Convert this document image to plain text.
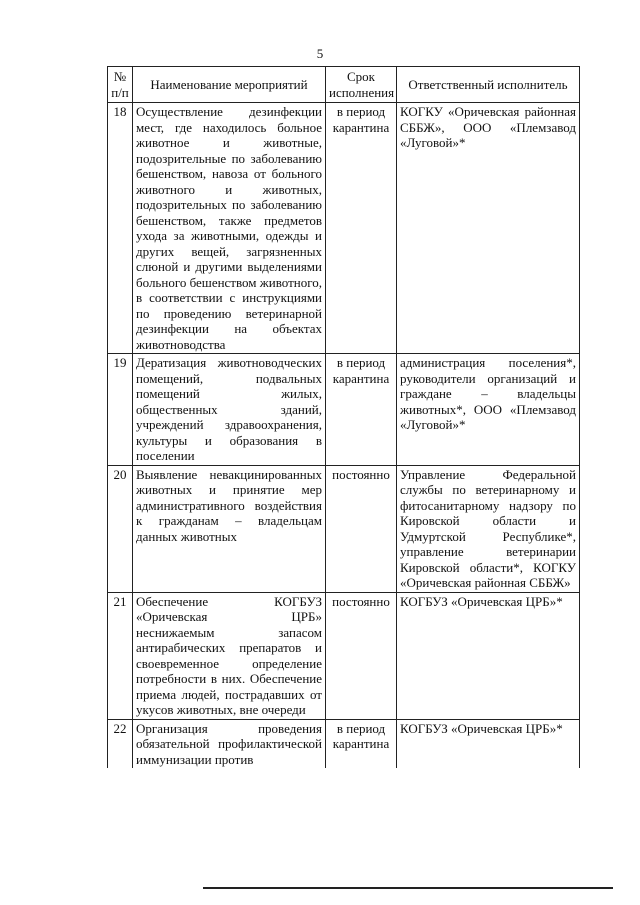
5
№ п/п	Наименование мероприятий	Срок исполнения	Ответственный исполнитель
18	Осуществление дезинфекции мест, где находилось больное животное и животные, подозрительные по заболеванию бешенством, навоза от больного животного и животных, подозрительных по заболеванию бешенством, также предметов ухода за животными, одежды и других вещей, загрязненных слюной и другими выделениями больного бешенством животного, в соответствии с инструкциями по проведению ветеринарной дезинфекции на объектах животноводства	в период карантина	КОГКУ «Оричевская районная СББЖ», ООО «Племзавод «Луговой»*
19	Дератизация животноводческих помещений, подвальных помещений жилых, общественных зданий, учреждений здравоохранения, культуры и образования в поселении	в период карантина	администрация поселения*, руководители организаций и граждане – владельцы животных*, ООО «Племзавод «Луговой»*
20	Выявление невакцинированных животных и принятие мер административного воздействия к гражданам – владельцам данных животных	постоянно	Управление Федеральной службы по ветеринарному и фитосанитарному надзору по Кировской области и Удмуртской Республике*, управление ветеринарии Кировской области*, КОГКУ «Оричевская районная СББЖ»
21	Обеспечение КОГБУЗ «Оричевская ЦРБ» неснижаемым запасом антирабических препаратов и своевременное определение потребности в них. Обеспечение приема людей, пострадавших от укусов животных, вне очереди	постоянно	КОГБУЗ «Оричевская ЦРБ»*
22	Организация проведения обязательной профилактической иммунизации против	в период карантина	КОГБУЗ «Оричевская ЦРБ»*
